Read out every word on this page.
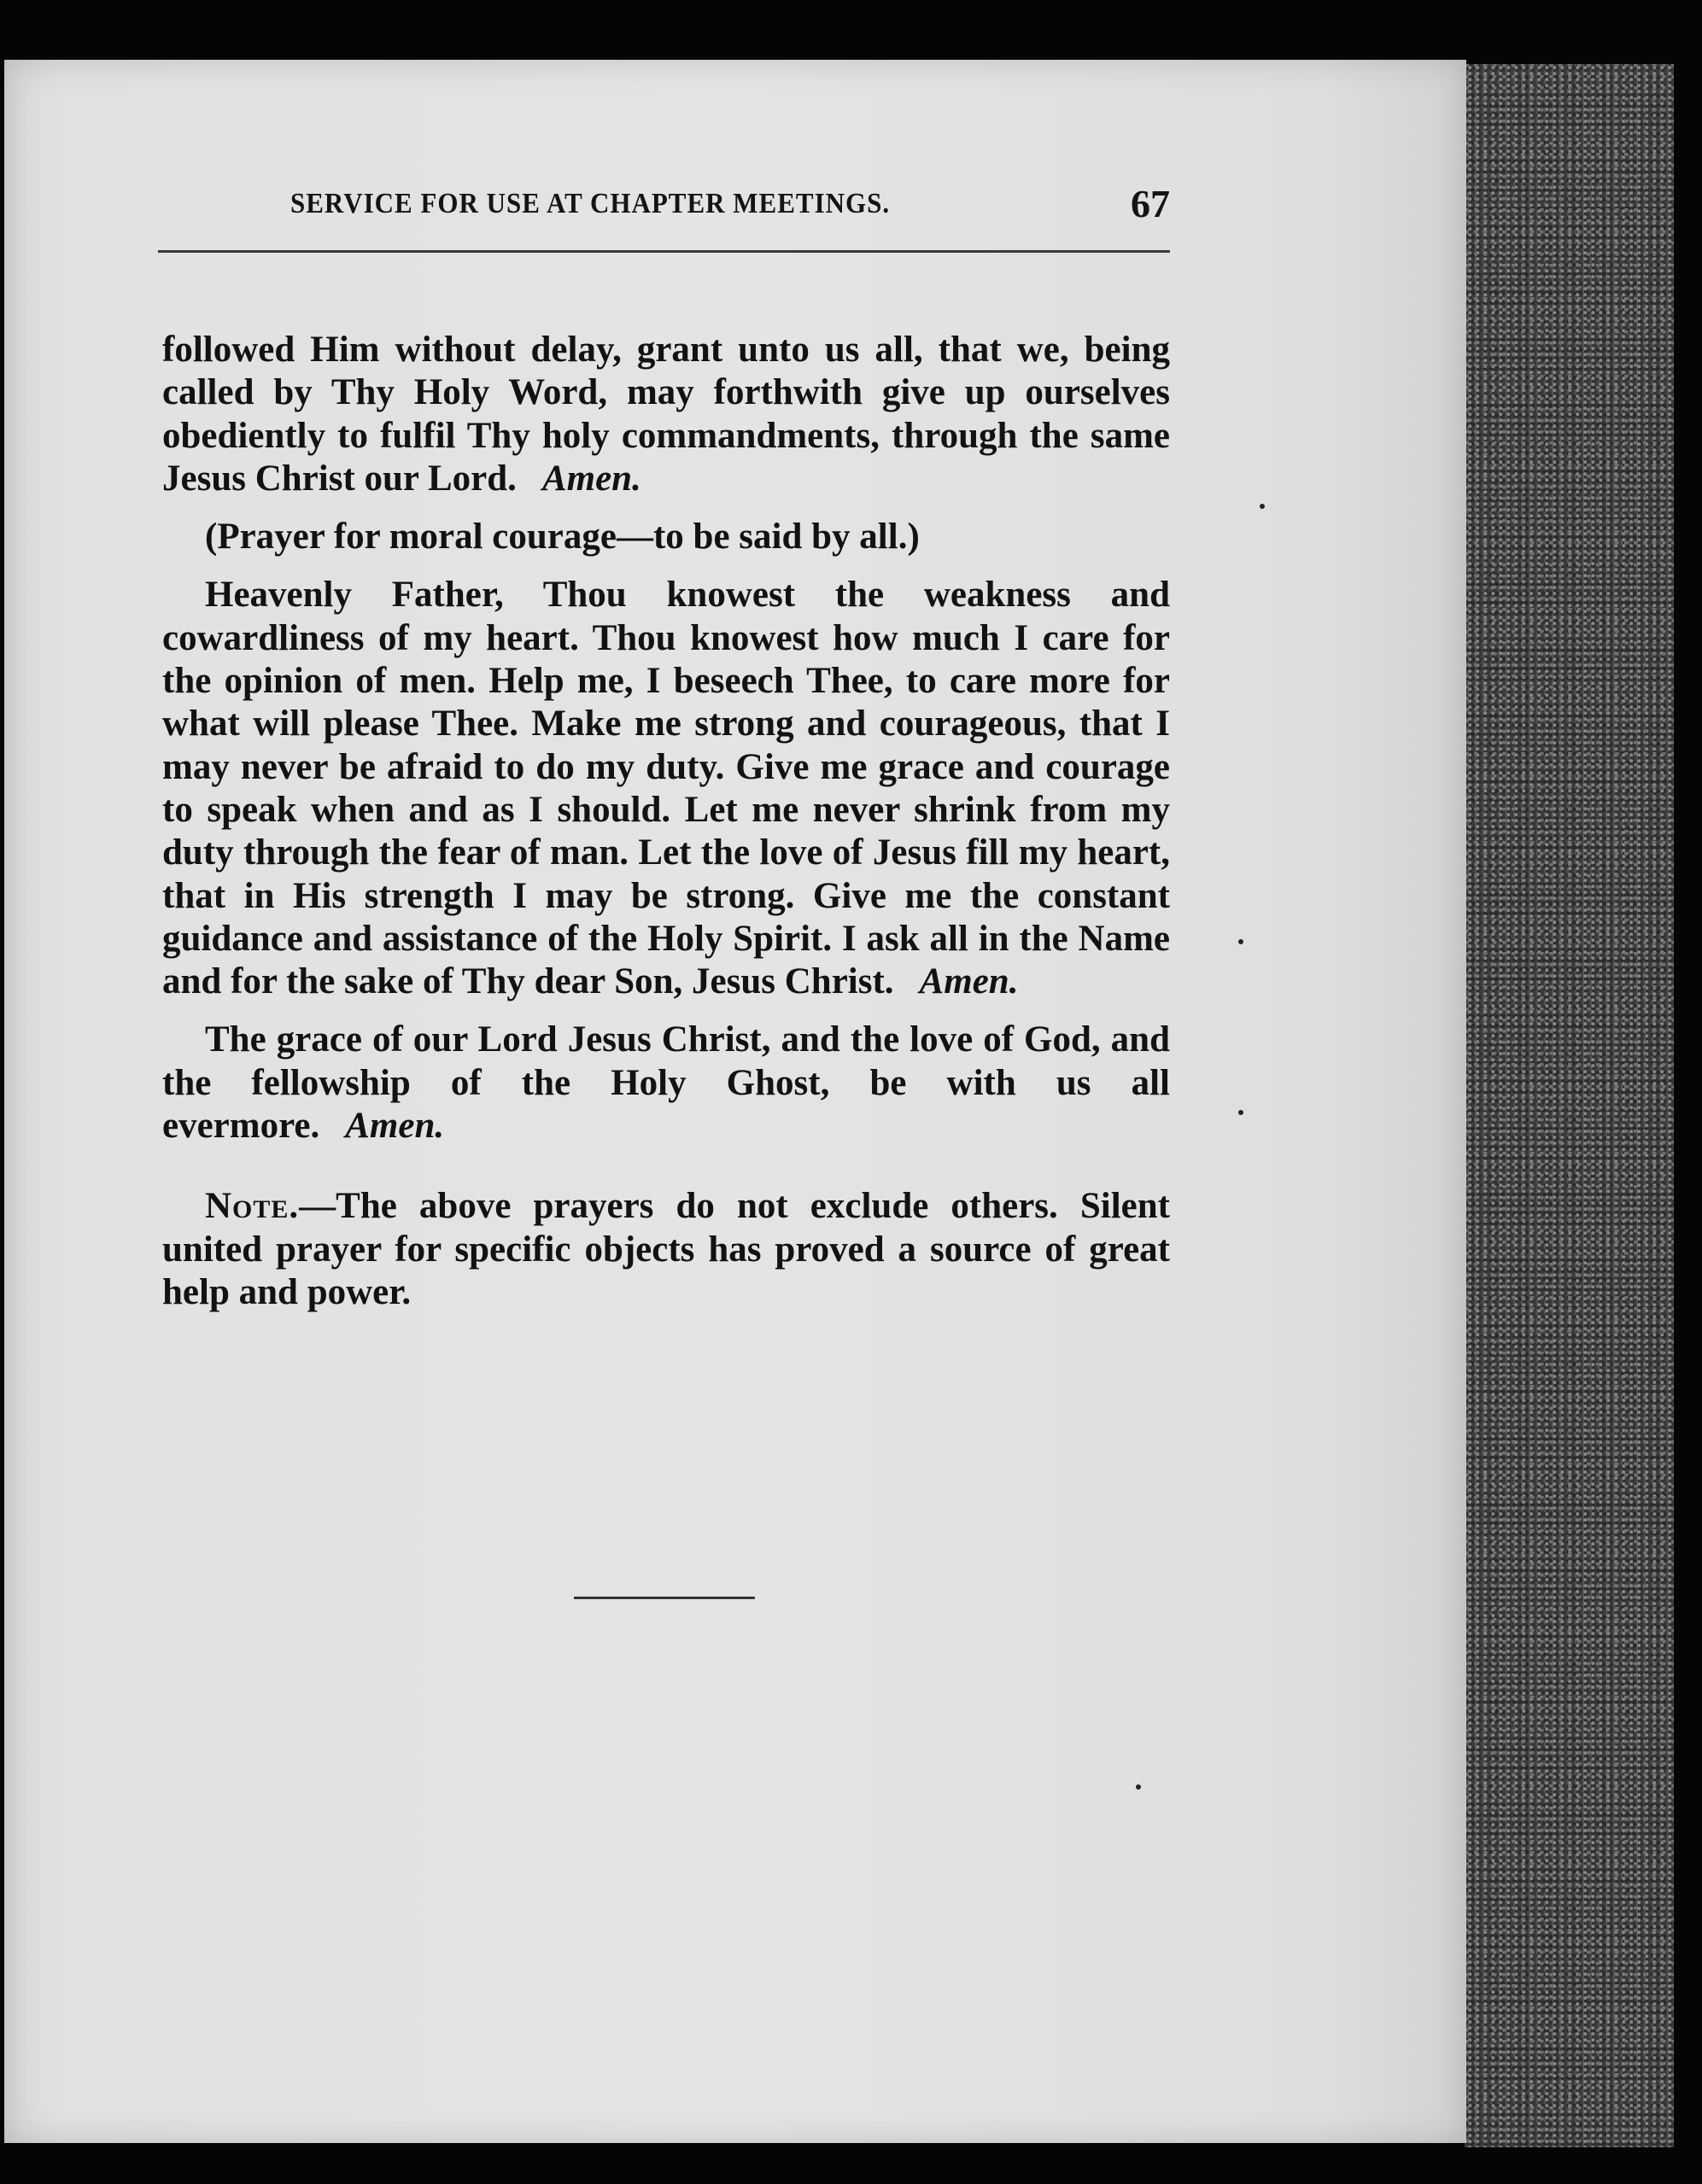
SERVICE FOR USE AT CHAPTER MEETINGS.	67

followed Him without delay, grant unto us all, that we, being called by Thy Holy Word, may forthwith give up ourselves obediently to fulfil Thy holy commandments, through the same Jesus Christ our Lord. Amen.

(Prayer for moral courage—to be said by all.)

Heavenly Father, Thou knowest the weakness and cowardliness of my heart. Thou knowest how much I care for the opinion of men. Help me, I beseech Thee, to care more for what will please Thee. Make me strong and courageous, that I may never be afraid to do my duty. Give me grace and courage to speak when and as I should. Let me never shrink from my duty through the fear of man. Let the love of Jesus fill my heart, that in His strength I may be strong. Give me the constant guidance and assistance of the Holy Spirit. I ask all in the Name and for the sake of Thy dear Son, Jesus Christ. Amen.

The grace of our Lord Jesus Christ, and the love of God, and the fellowship of the Holy Ghost, be with us all evermore. Amen.

Note.—The above prayers do not exclude others. Silent united prayer for specific objects has proved a source of great help and power.
